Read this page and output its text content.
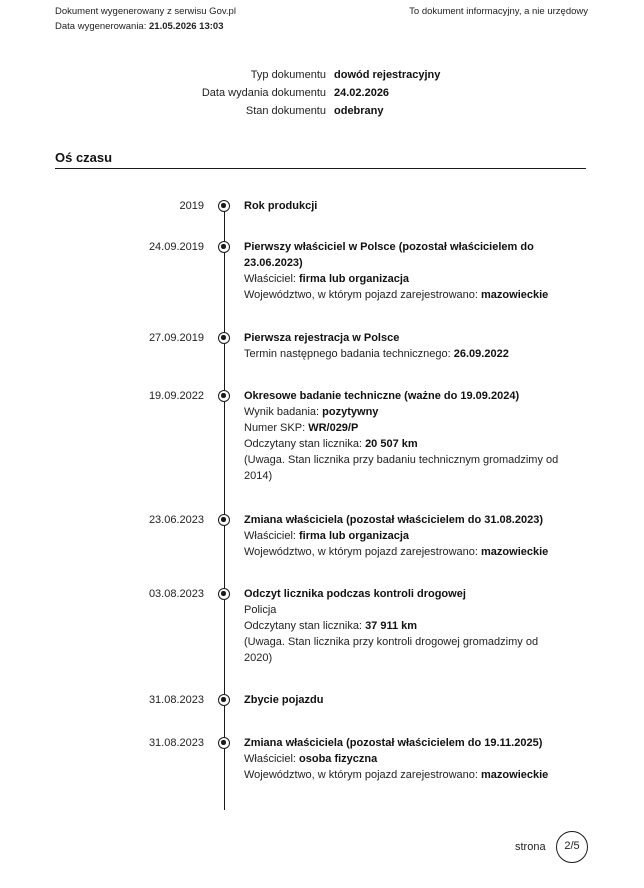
Dokument wygenerowany z serwisu Gov.pl
Data wygenerowania: 21.05.2026 13:03
To dokument informacyjny, a nie urzędowy
Typ dokumentu dowód rejestracyjny
Data wydania dokumentu 24.02.2026
Stan dokumentu odebrany
Oś czasu
2019	Rok produkcji
24.09.2019	Pierwszy właściciel w Polsce (pozostał właścicielem do 23.06.2023)
Właściciel: firma lub organizacja
Województwo, w którym pojazd zarejestrowano: mazowieckie
27.09.2019	Pierwsza rejestracja w Polsce
Termin następnego badania technicznego: 26.09.2022
19.09.2022	Okresowe badanie techniczne (ważne do 19.09.2024)
Wynik badania: pozytywny
Numer SKP: WR/029/P
Odczytany stan licznika: 20 507 km
(Uwaga. Stan licznika przy badaniu technicznym gromadzimy od 2014)
23.06.2023	Zmiana właściciela (pozostał właścicielem do 31.08.2023)
Właściciel: firma lub organizacja
Województwo, w którym pojazd zarejestrowano: mazowieckie
03.08.2023	Odczyt licznika podczas kontroli drogowej
Policja
Odczytany stan licznika: 37 911 km
(Uwaga. Stan licznika przy kontroli drogowej gromadzimy od 2020)
31.08.2023	Zbycie pojazdu
31.08.2023	Zmiana właściciela (pozostał właścicielem do 19.11.2025)
Właściciel: osoba fizyczna
Województwo, w którym pojazd zarejestrowano: mazowieckie
strona	2/5
